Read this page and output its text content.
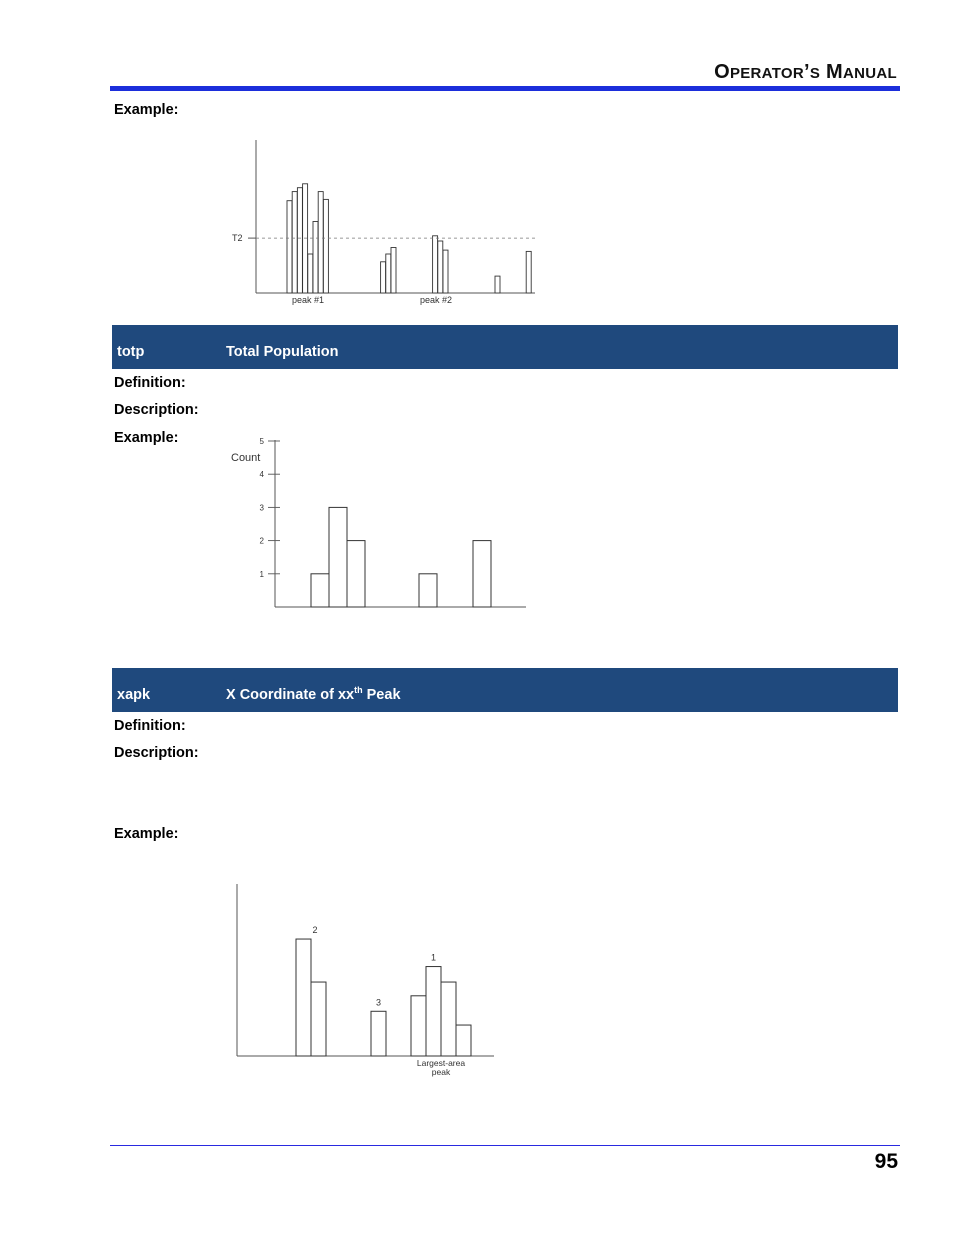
OPERATOR’S MANUAL
Example:
T2
peak #1	peak #2
totp	Total Population
Definition:
Description:
Example:
1
2
3
4
5
Count
xapk	X Coordinate of $xx^{th}$ Peak
Definition:
Description:
Example:
2
3
1
Largest-area
peak
95
